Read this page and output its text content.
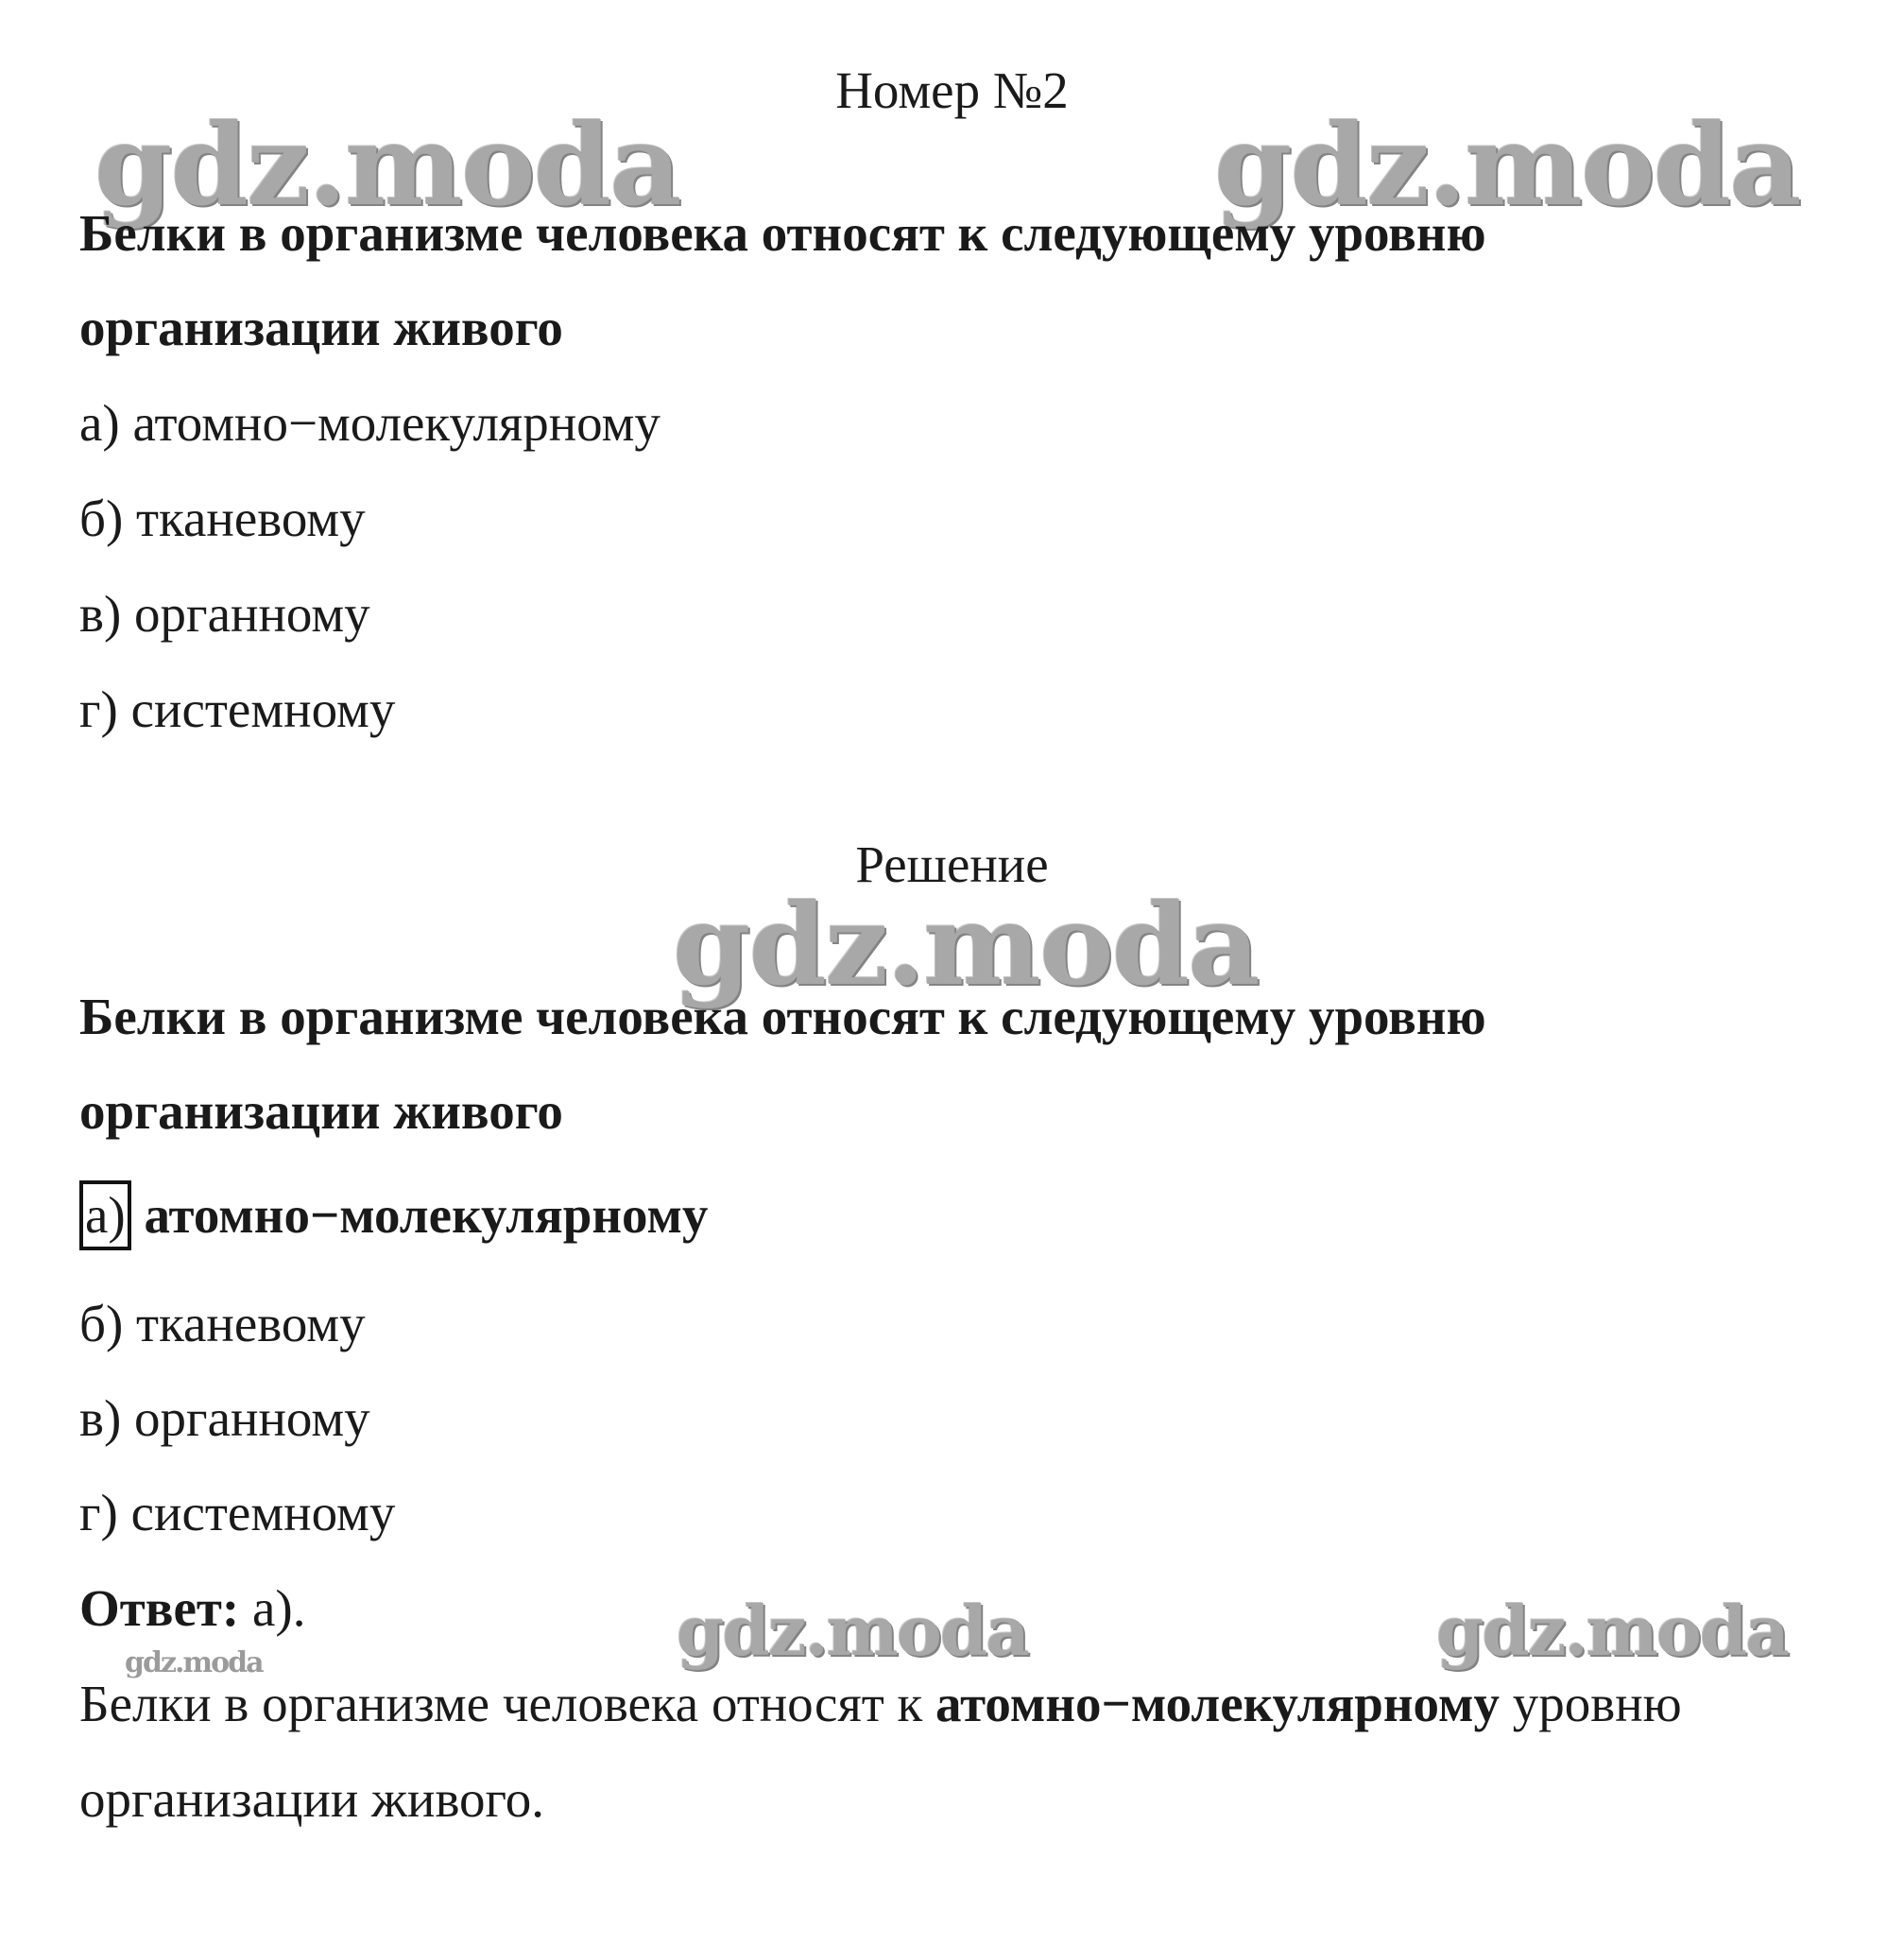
gdz.moda	gdz.moda
gdz.moda
gdz.moda	gdz.moda
gdz.moda
Номер №2
Белки в организме человека относят к следующему уровню
организации живого
а) атомно−молекулярному
б) тканевому
в) органному
г) системному
Решение
Белки в организме человека относят к следующему уровню
организации живого
а) атомно−молекулярному
б) тканевому
в) органному
г) системному
Ответ: а).
Белки в организме человека относят к атомно−молекулярному уровню
организации живого.
